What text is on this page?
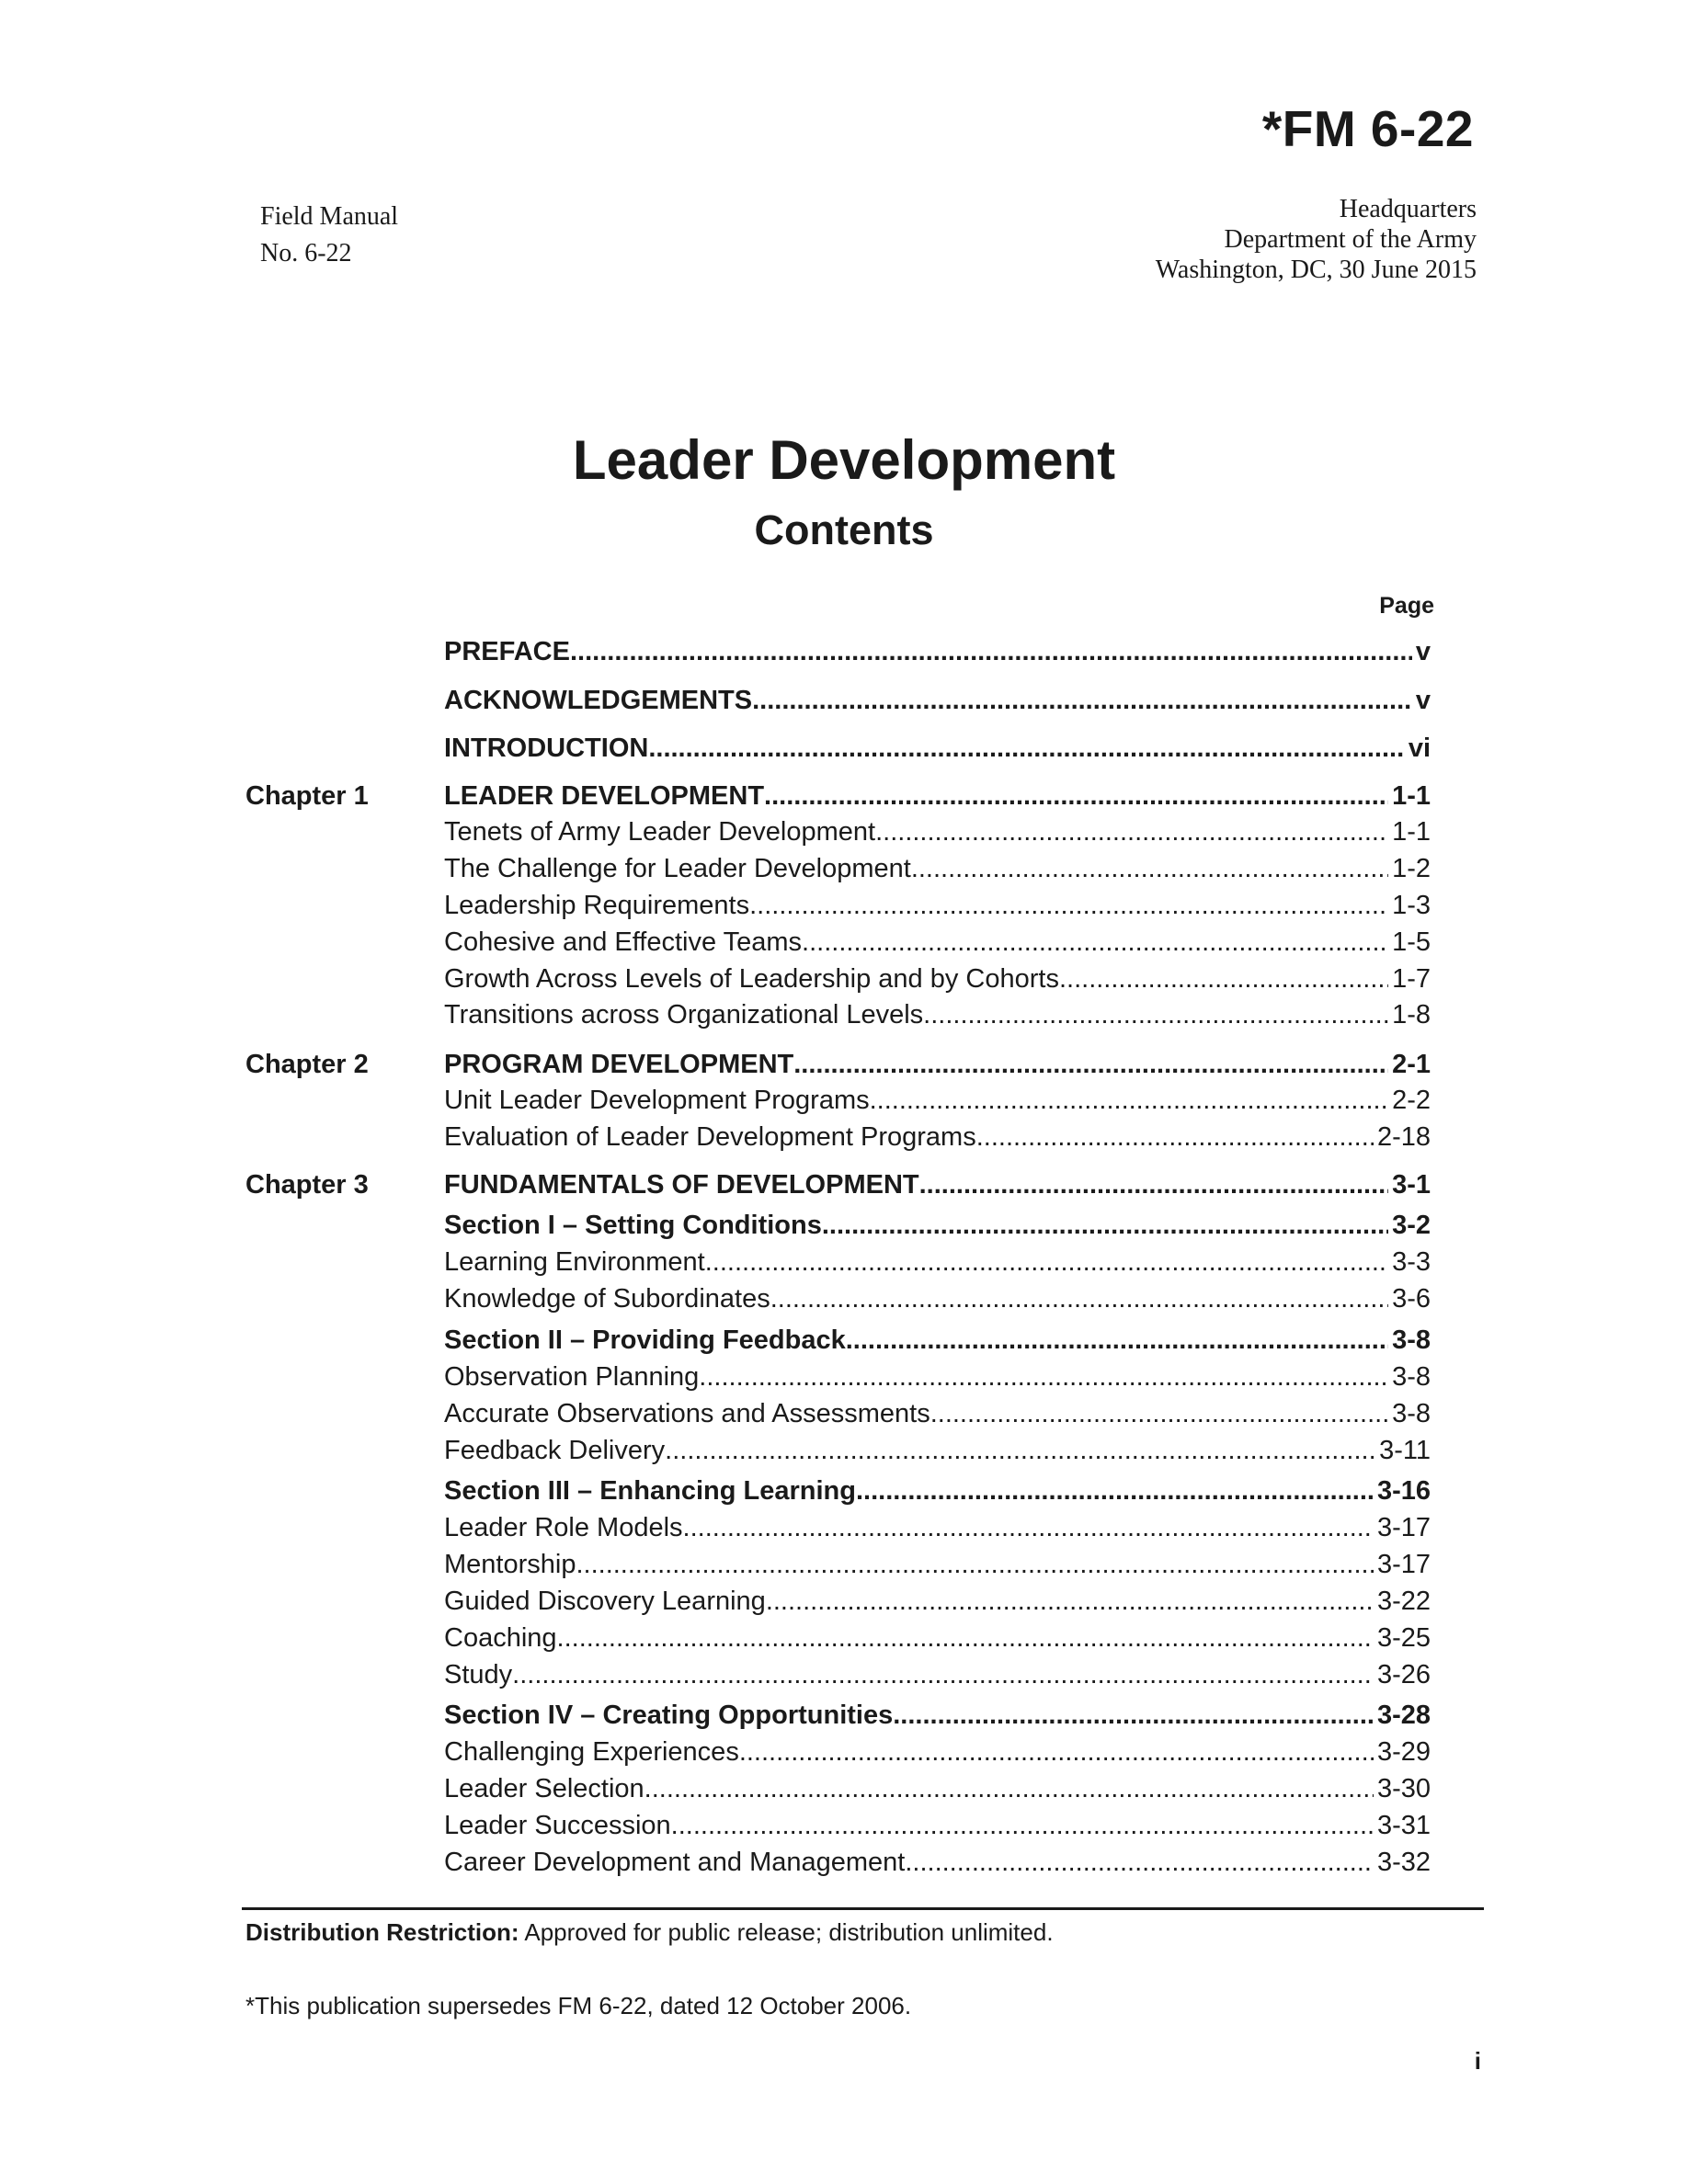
*FM 6-22
Field Manual
No. 6-22
Headquarters
Department of the Army
Washington, DC, 30 June 2015
Leader Development
Contents
Page
PREFACE .....	v
ACKNOWLEDGEMENTS .....	v
INTRODUCTION .....	vi
Chapter 1	LEADER DEVELOPMENT .....	1-1
Tenets of Army Leader Development .....	1-1
The Challenge for Leader Development .....	1-2
Leadership Requirements .....	1-3
Cohesive and Effective Teams .....	1-5
Growth Across Levels of Leadership and by Cohorts .....	1-7
Transitions across Organizational Levels .....	1-8
Chapter 2	PROGRAM DEVELOPMENT .....	2-1
Unit Leader Development Programs .....	2-2
Evaluation of Leader Development Programs .....	2-18
Chapter 3	FUNDAMENTALS OF DEVELOPMENT .....	3-1
Section I – Setting Conditions .....	3-2
Learning Environment .....	3-3
Knowledge of Subordinates .....	3-6
Section II – Providing Feedback .....	3-8
Observation Planning .....	3-8
Accurate Observations and Assessments .....	3-8
Feedback Delivery .....	3-11
Section III – Enhancing Learning .....	3-16
Leader Role Models .....	3-17
Mentorship .....	3-17
Guided Discovery Learning .....	3-22
Coaching .....	3-25
Study .....	3-26
Section IV – Creating Opportunities .....	3-28
Challenging Experiences .....	3-29
Leader Selection .....	3-30
Leader Succession .....	3-31
Career Development and Management .....	3-32
Distribution Restriction: Approved for public release; distribution unlimited.
*This publication supersedes FM 6-22, dated 12 October 2006.
i
